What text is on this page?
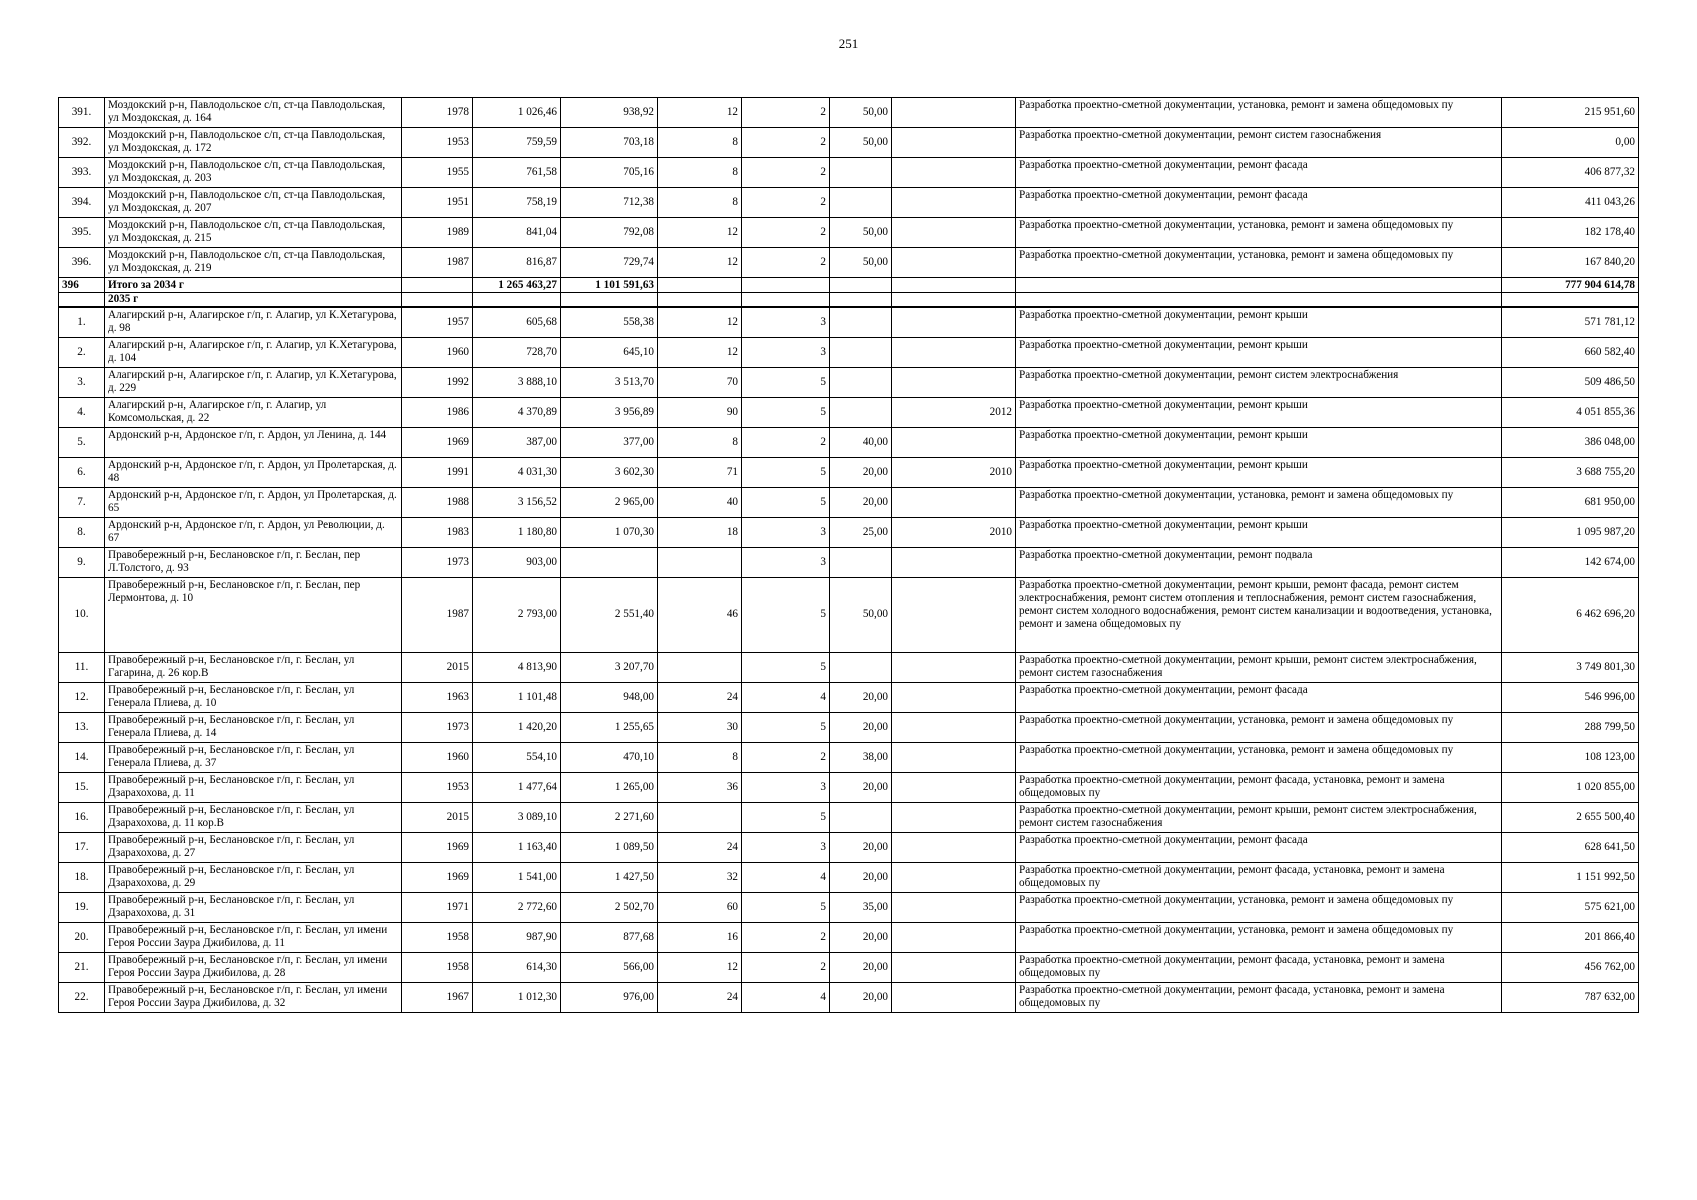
251
391.	Моздокский р-н, Павлодольское с/п, ст-ца Павлодольская, ул Моздокская, д. 164	1978	1 026,46	938,92	12	2	50,00		Разработка проектно-сметной документации, установка, ремонт и замена общедомовых пу	215 951,60
392.	Моздокский р-н, Павлодольское с/п, ст-ца Павлодольская, ул Моздокская, д. 172	1953	759,59	703,18	8	2	50,00		Разработка проектно-сметной документации, ремонт систем газоснабжения	0,00
393.	Моздокский р-н, Павлодольское с/п, ст-ца Павлодольская, ул Моздокская, д. 203	1955	761,58	705,16	8	2			Разработка проектно-сметной документации, ремонт фасада	406 877,32
394.	Моздокский р-н, Павлодольское с/п, ст-ца Павлодольская, ул Моздокская, д. 207	1951	758,19	712,38	8	2			Разработка проектно-сметной документации, ремонт фасада	411 043,26
395.	Моздокский р-н, Павлодольское с/п, ст-ца Павлодольская, ул Моздокская, д. 215	1989	841,04	792,08	12	2	50,00		Разработка проектно-сметной документации, установка, ремонт и замена общедомовых пу	182 178,40
396.	Моздокский р-н, Павлодольское с/п, ст-ца Павлодольская, ул Моздокская, д. 219	1987	816,87	729,74	12	2	50,00		Разработка проектно-сметной документации, установка, ремонт и замена общедомовых пу	167 840,20
396	Итого за 2034 г		1 265 463,27	1 101 591,63						777 904 614,78
	2035 г									
1.	Алагирский р-н, Алагирское г/п, г. Алагир, ул К.Хетагурова, д. 98	1957	605,68	558,38	12	3			Разработка проектно-сметной документации, ремонт крыши	571 781,12
2.	Алагирский р-н, Алагирское г/п, г. Алагир, ул К.Хетагурова, д. 104	1960	728,70	645,10	12	3			Разработка проектно-сметной документации, ремонт крыши	660 582,40
3.	Алагирский р-н, Алагирское г/п, г. Алагир, ул К.Хетагурова, д. 229	1992	3 888,10	3 513,70	70	5			Разработка проектно-сметной документации, ремонт систем электроснабжения	509 486,50
4.	Алагирский р-н, Алагирское г/п, г. Алагир, ул Комсомольская, д. 22	1986	4 370,89	3 956,89	90	5		2012	Разработка проектно-сметной документации, ремонт крыши	4 051 855,36
5.	Ардонский р-н, Ардонское г/п, г. Ардон, ул Ленина, д. 144	1969	387,00	377,00	8	2	40,00		Разработка проектно-сметной документации, ремонт крыши	386 048,00
6.	Ардонский р-н, Ардонское г/п, г. Ардон, ул Пролетарская, д. 48	1991	4 031,30	3 602,30	71	5	20,00	2010	Разработка проектно-сметной документации, ремонт крыши	3 688 755,20
7.	Ардонский р-н, Ардонское г/п, г. Ардон, ул Пролетарская, д. 65	1988	3 156,52	2 965,00	40	5	20,00		Разработка проектно-сметной документации, установка, ремонт и замена общедомовых пу	681 950,00
8.	Ардонский р-н, Ардонское г/п, г. Ардон, ул Революции, д. 67	1983	1 180,80	1 070,30	18	3	25,00	2010	Разработка проектно-сметной документации, ремонт крыши	1 095 987,20
9.	Правобережный р-н, Беслановское г/п, г. Беслан, пер Л.Толстого, д. 93	1973	903,00			3			Разработка проектно-сметной документации, ремонт подвала	142 674,00
10.	Правобережный р-н, Беслановское г/п, г. Беслан, пер Лермонтова, д. 10	1987	2 793,00	2 551,40	46	5	50,00		Разработка проектно-сметной документации, ремонт крыши, ремонт фасада, ремонт систем электроснабжения, ремонт систем отопления и теплоснабжения, ремонт систем газоснабжения, ремонт систем холодного водоснабжения, ремонт систем канализации и водоотведения, установка, ремонт и замена общедомовых пу	6 462 696,20
11.	Правобережный р-н, Беслановское г/п, г. Беслан, ул Гагарина, д. 26 кор.В	2015	4 813,90	3 207,70		5			Разработка проектно-сметной документации, ремонт крыши, ремонт систем электроснабжения, ремонт систем газоснабжения	3 749 801,30
12.	Правобережный р-н, Беслановское г/п, г. Беслан, ул Генерала Плиева, д. 10	1963	1 101,48	948,00	24	4	20,00		Разработка проектно-сметной документации, ремонт фасада	546 996,00
13.	Правобережный р-н, Беслановское г/п, г. Беслан, ул Генерала Плиева, д. 14	1973	1 420,20	1 255,65	30	5	20,00		Разработка проектно-сметной документации, установка, ремонт и замена общедомовых пу	288 799,50
14.	Правобережный р-н, Беслановское г/п, г. Беслан, ул Генерала Плиева, д. 37	1960	554,10	470,10	8	2	38,00		Разработка проектно-сметной документации, установка, ремонт и замена общедомовых пу	108 123,00
15.	Правобережный р-н, Беслановское г/п, г. Беслан, ул Дзарахохова, д. 11	1953	1 477,64	1 265,00	36	3	20,00		Разработка проектно-сметной документации, ремонт фасада, установка, ремонт и замена общедомовых пу	1 020 855,00
16.	Правобережный р-н, Беслановское г/п, г. Беслан, ул Дзарахохова, д. 11 кор.В	2015	3 089,10	2 271,60		5			Разработка проектно-сметной документации, ремонт крыши, ремонт систем электроснабжения, ремонт систем газоснабжения	2 655 500,40
17.	Правобережный р-н, Беслановское г/п, г. Беслан, ул Дзарахохова, д. 27	1969	1 163,40	1 089,50	24	3	20,00		Разработка проектно-сметной документации, ремонт фасада	628 641,50
18.	Правобережный р-н, Беслановское г/п, г. Беслан, ул Дзарахохова, д. 29	1969	1 541,00	1 427,50	32	4	20,00		Разработка проектно-сметной документации, ремонт фасада, установка, ремонт и замена общедомовых пу	1 151 992,50
19.	Правобережный р-н, Беслановское г/п, г. Беслан, ул Дзарахохова, д. 31	1971	2 772,60	2 502,70	60	5	35,00		Разработка проектно-сметной документации, установка, ремонт и замена общедомовых пу	575 621,00
20.	Правобережный р-н, Беслановское г/п, г. Беслан, ул имени Героя России Заура Джибилова, д. 11	1958	987,90	877,68	16	2	20,00		Разработка проектно-сметной документации, установка, ремонт и замена общедомовых пу	201 866,40
21.	Правобережный р-н, Беслановское г/п, г. Беслан, ул имени Героя России Заура Джибилова, д. 28	1958	614,30	566,00	12	2	20,00		Разработка проектно-сметной документации, ремонт фасада, установка, ремонт и замена общедомовых пу	456 762,00
22.	Правобережный р-н, Беслановское г/п, г. Беслан, ул имени Героя России Заура Джибилова, д. 32	1967	1 012,30	976,00	24	4	20,00		Разработка проектно-сметной документации, ремонт фасада, установка, ремонт и замена общедомовых пу	787 632,00
